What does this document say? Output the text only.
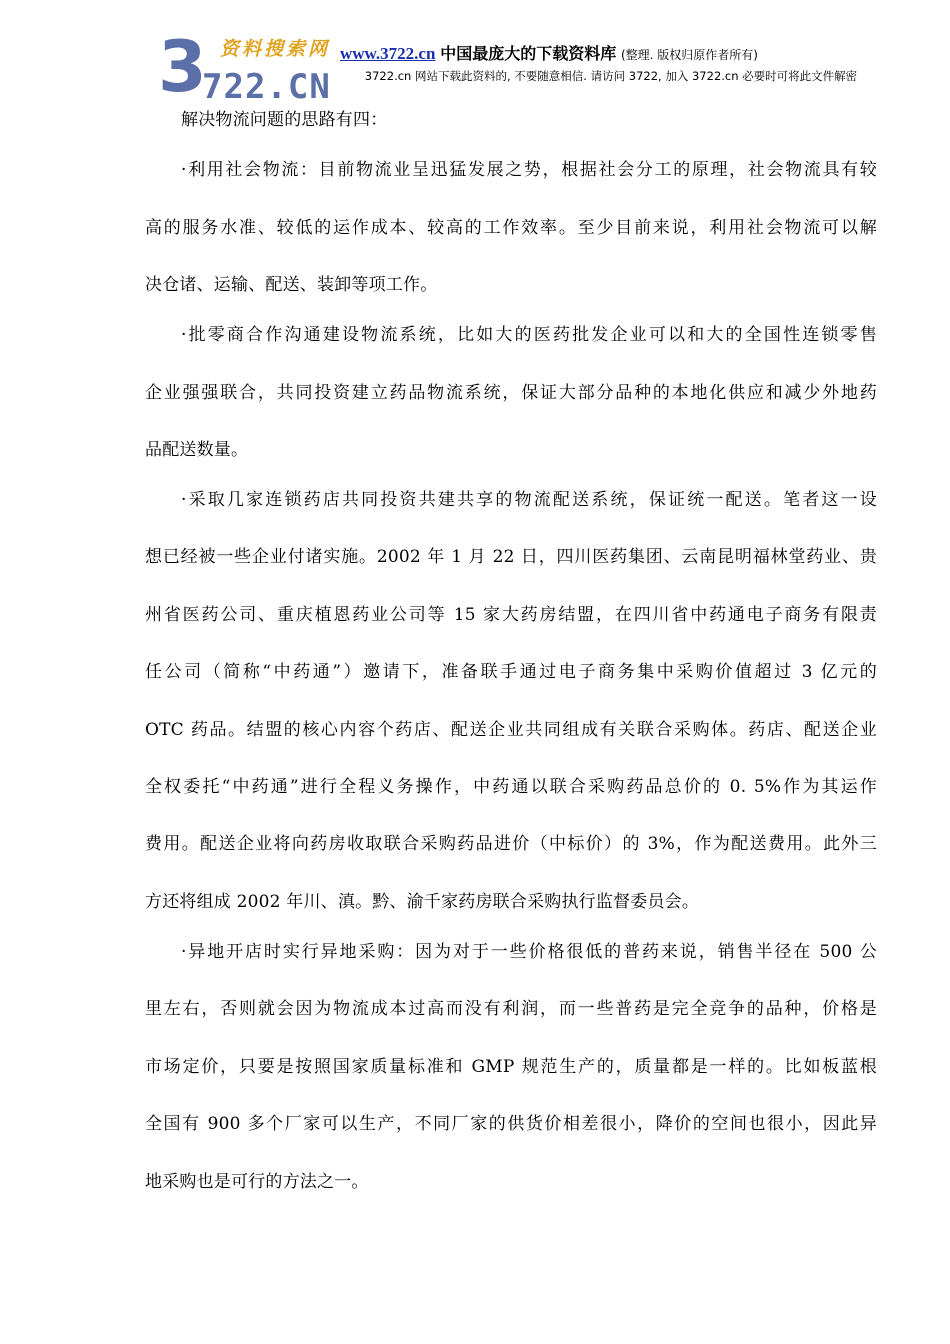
3 资料搜索网
722.CN
www.3722.cn 中国最庞大的下载资料库 (整理. 版权归原作者所有)
3722.cn 网站下载此资料的, 不要随意相信. 请访问 3722, 加入 3722.cn 必要时可将此文件解密
解决物流问题的思路有四：
·利用社会物流：目前物流业呈迅猛发展之势，根据社会分工的原理，社会物流具有较
高的服务水准、较低的运作成本、较高的工作效率。至少目前来说，利用社会物流可以解
决仓诸、运输、配送、装卸等项工作。
·批零商合作沟通建设物流系统，比如大的医药批发企业可以和大的全国性连锁零售
企业强强联合，共同投资建立药品物流系统，保证大部分品种的本地化供应和减少外地药
品配送数量。
·采取几家连锁药店共同投资共建共享的物流配送系统，保证统一配送。笔者这一设
想已经被一些企业付诸实施。2002 年 1 月 22 日，四川医药集团、云南昆明福林堂药业、贵
州省医药公司、重庆植恩药业公司等 15 家大药房结盟，在四川省中药通电子商务有限责
任公司（简称“中药通”）邀请下，准备联手通过电子商务集中采购价值超过 3 亿元的
OTC 药品。结盟的核心内容个药店、配送企业共同组成有关联合采购体。药店、配送企业
全权委托“中药通”进行全程义务操作，中药通以联合采购药品总价的 0. 5%作为其运作
费用。配送企业将向药房收取联合采购药品进价（中标价）的 3%，作为配送费用。此外三
方还将组成 2002 年川、滇。黔、渝千家药房联合采购执行监督委员会。
·异地开店时实行异地采购：因为对于一些价格很低的普药来说，销售半径在 500 公
里左右，否则就会因为物流成本过高而没有利润，而一些普药是完全竞争的品种，价格是
市场定价，只要是按照国家质量标准和 GMP 规范生产的，质量都是一样的。比如板蓝根
全国有 900 多个厂家可以生产，不同厂家的供货价相差很小，降价的空间也很小，因此异
地采购也是可行的方法之一。
